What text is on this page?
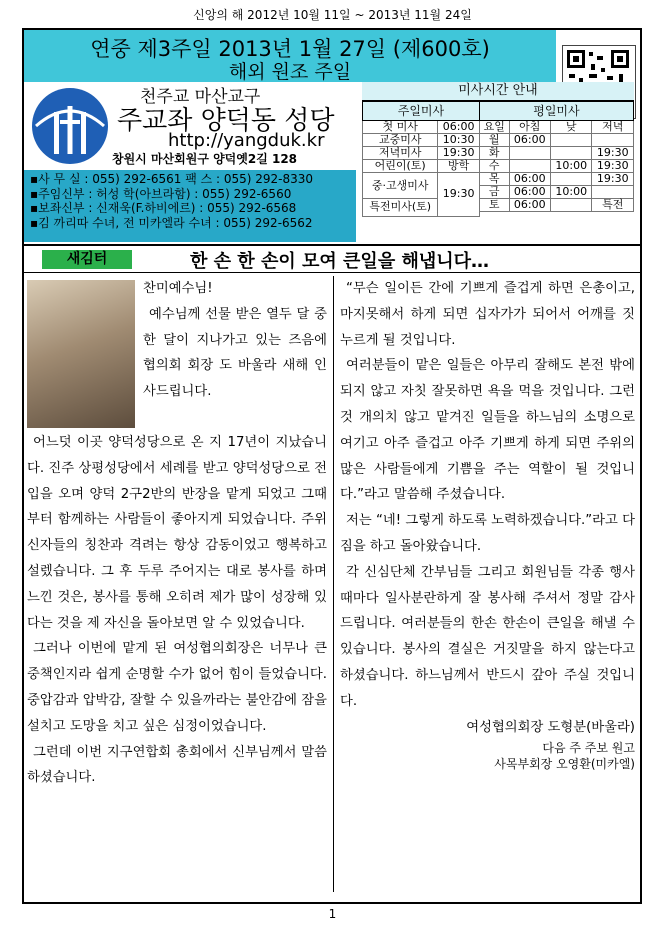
신앙의 해 2012년 10월 11일 ~ 2013년 11월 24일
연중 제3주일 2013년 1월 27일 (제600호)
해외 원조 주일
천주교 마산교구
주교좌 양덕동 성당
http://yangduk.kr
창원시 마산회원구 양덕옛2길 128
미사시간 안내
주일미사		평일미사			
첫 미사	06:00	요일	아침	낮	저녁
교중미사	10:30	월	06:00		
저녁미사	19:30	화			19:30
어린이(토)	방학	수		10:00	19:30
중·고생미사	19:30	목	06:00		19:30
		금	06:00	10:00	
특전미사(토)		토	06:00		특전

▪사 무 실 : 055) 292-6561 팩 스 : 055) 292-8330
▪주임신부 : 허성 학(아브라함) : 055) 292-6560
▪보좌신부 : 신재욱(F.하비에르) : 055) 292-6568
▪김 까리따 수녀, 전 미카엘라 수녀 : 055) 292-6562
새김터	한 손 한 손이 모여 큰일을 해냅니다…

찬미예수님!

예수님께 선물 받은 열두 달 중 한 달이 지나가고 있는 즈음에 협의회 회장 도 바울라 새해 인사드립니다.

어느덧 이곳 양덕성당으로 온 지 17년이 지났습니다. 진주 상평성당에서 세례를 받고 양덕성당으로 전입을 오며 양덕 2구2반의 반장을 맡게 되었고 그때부터 함께하는 사람들이 좋아지게 되었습니다. 주위 신자들의 칭찬과 격려는 항상 감동이었고 행복하고 설렜습니다. 그 후 두루 주어지는 대로 봉사를 하며 느낀 것은, 봉사를 통해 오히려 제가 많이 성장해 있다는 것을 제 자신을 돌아보면 알 수 있었습니다.

그러나 이번에 맡게 된 여성협의회장은 너무나 큰 중책인지라 쉽게 순명할 수가 없어 힘이 들었습니다. 중압감과 압박감, 잘할 수 있을까라는 불안감에 잠을 설치고 도망을 치고 싶은 심정이었습니다.

그런데 이번 지구연합회 총회에서 신부님께서 말씀하셨습니다.

“무슨 일이든 간에 기쁘게 즐겁게 하면 은총이고, 마지못해서 하게 되면 십자가가 되어서 어깨를 짓누르게 될 것입니다.

여러분들이 맡은 일들은 아무리 잘해도 본전 밖에 되지 않고 자칫 잘못하면 욕을 먹을 것입니다. 그런 것 개의치 않고 맡겨진 일들을 하느님의 소명으로 여기고 아주 즐겁고 아주 기쁘게 하게 되면 주위의 많은 사람들에게 기쁨을 주는 역할이 될 것입니다.”라고 말씀해 주셨습니다.

저는 “네! 그렇게 하도록 노력하겠습니다.”라고 다짐을 하고 돌아왔습니다.

각 신심단체 간부님들 그리고 회원님들 각종 행사 때마다 일사분란하게 잘 봉사해 주셔서 정말 감사드립니다. 여러분들의 한손 한손이 큰일을 해낼 수 있습니다. 봉사의 결실은 거짓말을 하지 않는다고 하셨습니다. 하느님께서 반드시 갚아 주실 것입니다.

여성협의회장 도형분(바울라)

다음 주 주보 원고

사목부회장 오영환(미카엘)

1
